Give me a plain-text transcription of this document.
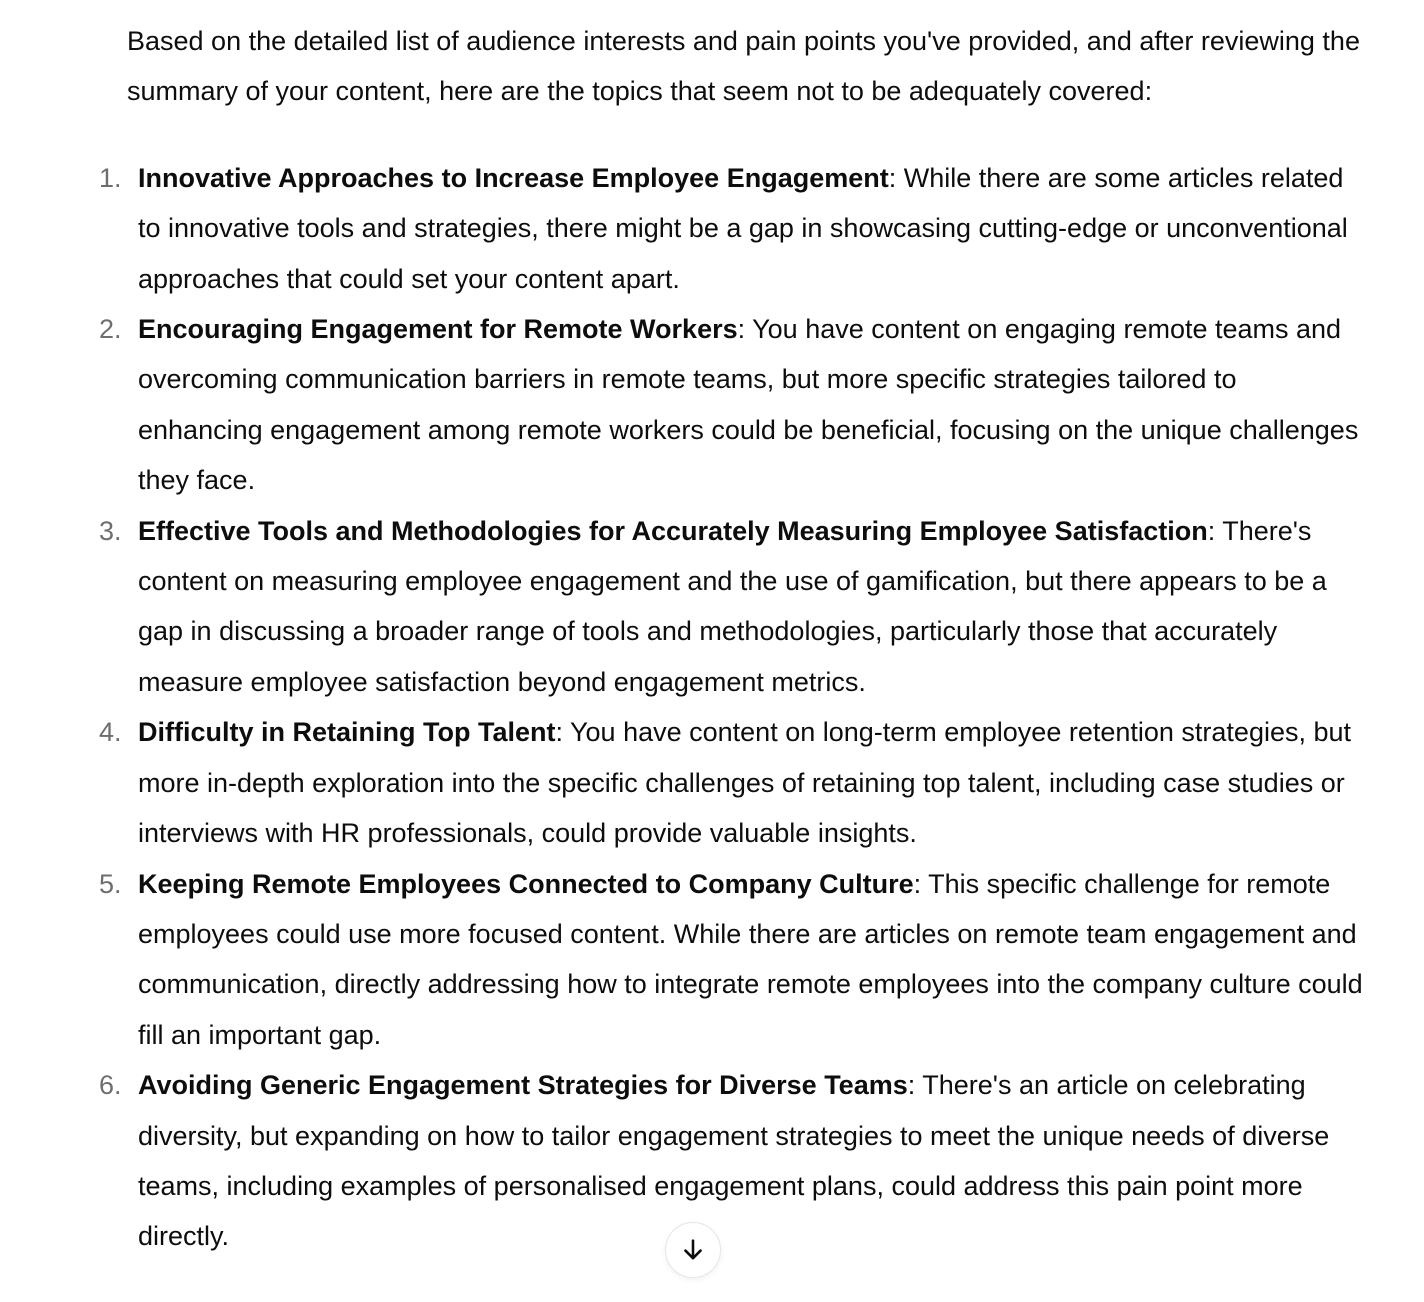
Based on the detailed list of audience interests and pain points you've provided, and after reviewing the summary of your content, here are the topics that seem not to be adequately covered:

1. Innovative Approaches to Increase Employee Engagement: While there are some articles related to innovative tools and strategies, there might be a gap in showcasing cutting-edge or unconventional approaches that could set your content apart.
2. Encouraging Engagement for Remote Workers: You have content on engaging remote teams and overcoming communication barriers in remote teams, but more specific strategies tailored to enhancing engagement among remote workers could be beneficial, focusing on the unique challenges they face.
3. Effective Tools and Methodologies for Accurately Measuring Employee Satisfaction: There's content on measuring employee engagement and the use of gamification, but there appears to be a gap in discussing a broader range of tools and methodologies, particularly those that accurately measure employee satisfaction beyond engagement metrics.
4. Difficulty in Retaining Top Talent: You have content on long-term employee retention strategies, but more in-depth exploration into the specific challenges of retaining top talent, including case studies or interviews with HR professionals, could provide valuable insights.
5. Keeping Remote Employees Connected to Company Culture: This specific challenge for remote employees could use more focused content. While there are articles on remote team engagement and communication, directly addressing how to integrate remote employees into the company culture could fill an important gap.
6. Avoiding Generic Engagement Strategies for Diverse Teams: There's an article on celebrating diversity, but expanding on how to tailor engagement strategies to meet the unique needs of diverse teams, including examples of personalised engagement plans, could address this pain point more directly.
